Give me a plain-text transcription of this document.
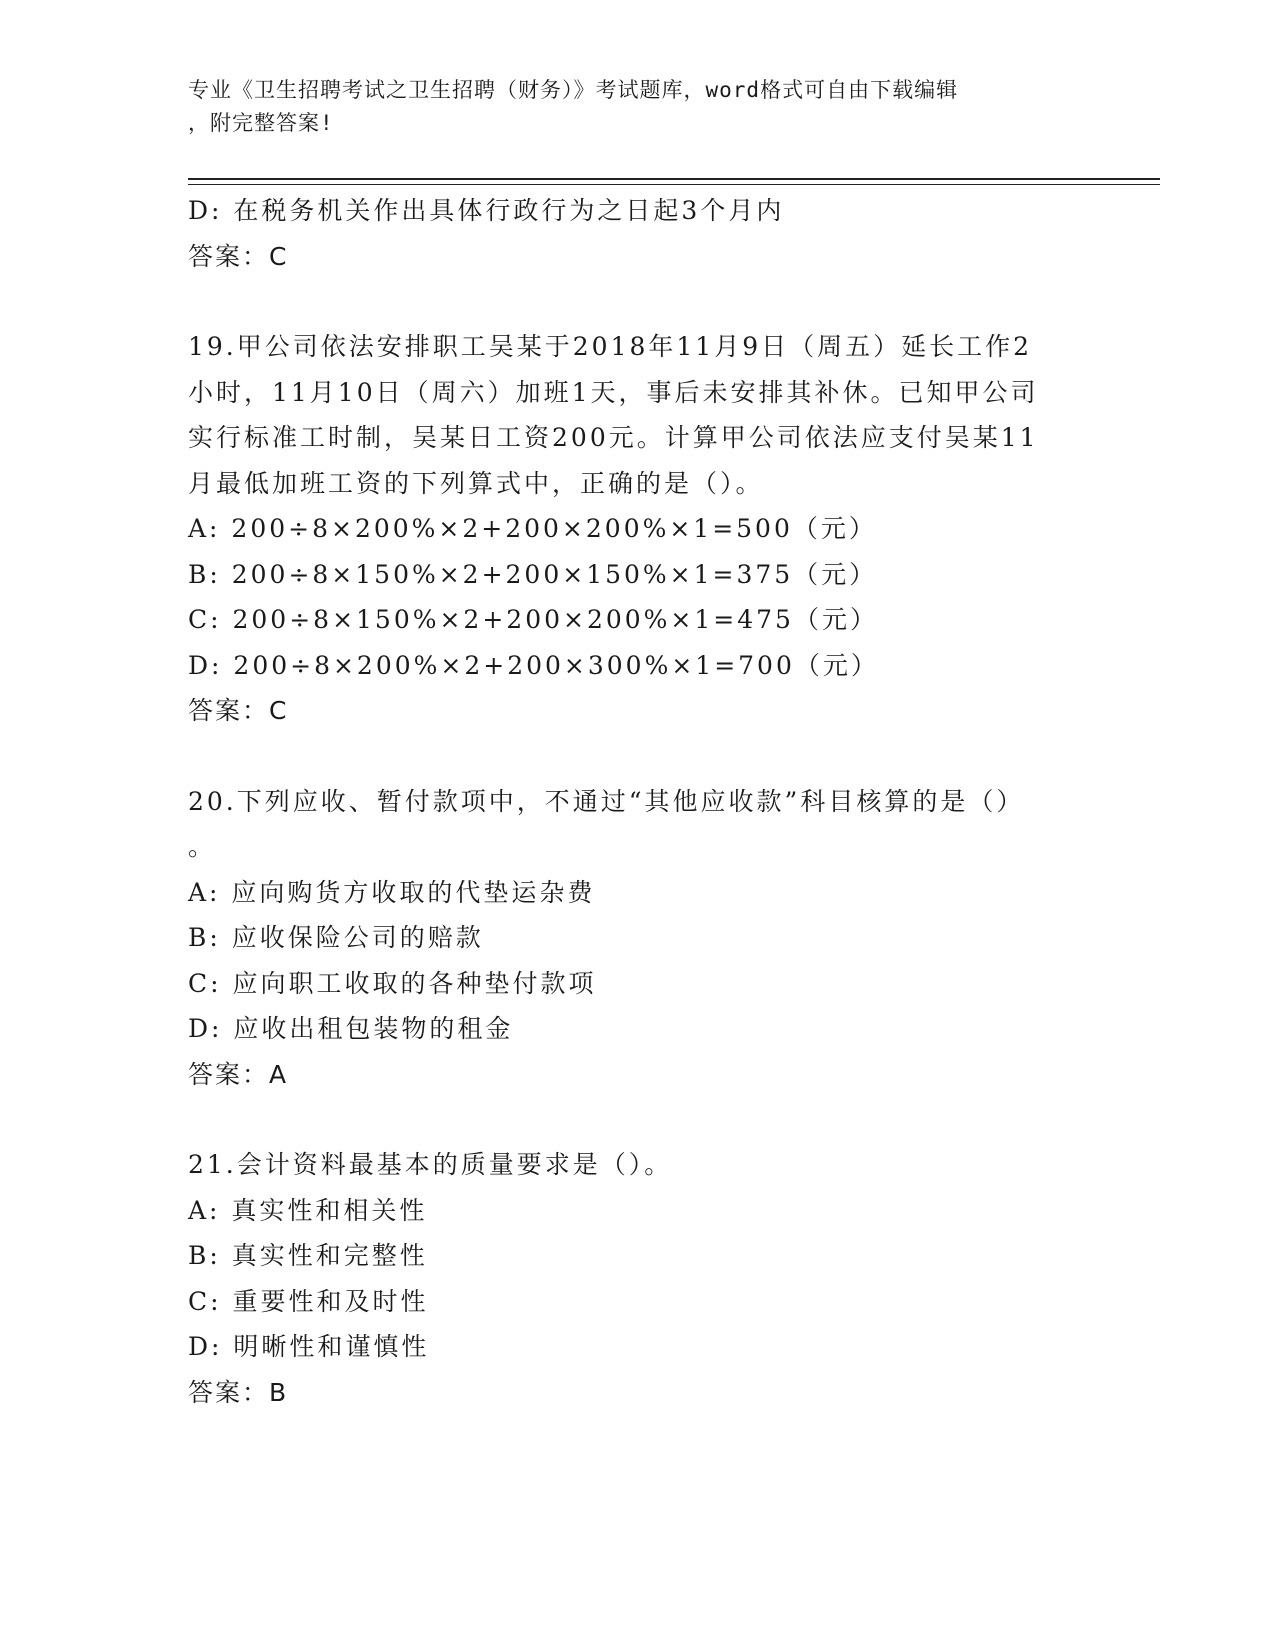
专业《卫生招聘考试之卫生招聘（财务）》考试题库，word格式可自由下载编辑
，附完整答案!
D: 在税务机关作出具体行政行为之日起3个月内
答案：C
19.甲公司依法安排职工吴某于2018年11月9日（周五）延长工作2
小时，11月10日（周六）加班1天，事后未安排其补休。已知甲公司
实行标准工时制，吴某日工资200元。计算甲公司依法应支付吴某11
月最低加班工资的下列算式中，正确的是（）。
A: 200÷8×200%×2+200×200%×1=500（元）
B: 200÷8×150%×2+200×150%×1=375（元）
C: 200÷8×150%×2+200×200%×1=475（元）
D: 200÷8×200%×2+200×300%×1=700（元）
答案：C
20.下列应收、暂付款项中，不通过“其他应收款”科目核算的是（）
。
A: 应向购货方收取的代垫运杂费
B: 应收保险公司的赔款
C: 应向职工收取的各种垫付款项
D: 应收出租包装物的租金
答案：A
21.会计资料最基本的质量要求是（）。
A: 真实性和相关性
B: 真实性和完整性
C: 重要性和及时性
D: 明晰性和谨慎性
答案：B
